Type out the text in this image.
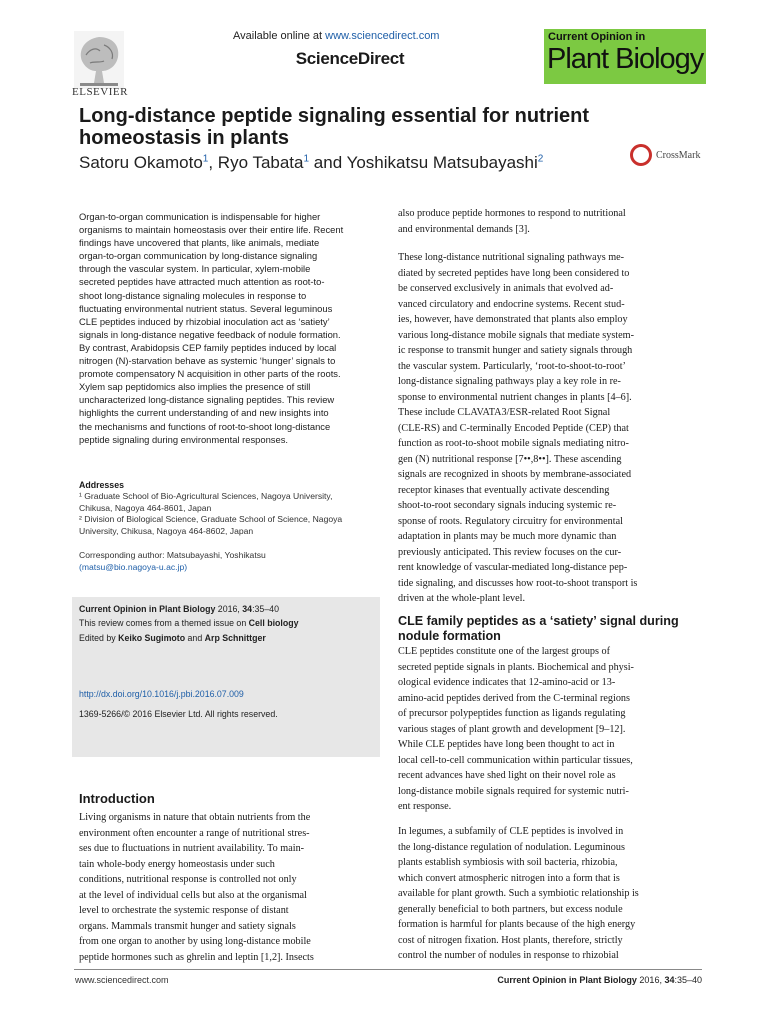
ELSEVIER
Available online at www.sciencedirect.com
ScienceDirect
Current Opinion in
Plant Biology
Long-distance peptide signaling essential for nutrient
homeostasis in plants
Satoru Okamoto$^1$, Ryo Tabata$^1$ and Yoshikatsu Matsubayashi$^2$	CrossMark

Organ-to-organ communication is indispensable for higher

organisms to maintain homeostasis over their entire life. Recent

findings have uncovered that plants, like animals, mediate

organ-to-organ communication by long-distance signaling

through the vascular system. In particular, xylem-mobile

secreted peptides have attracted much attention as root-to-

shoot long-distance signaling molecules in response to

fluctuating environmental nutrient status. Several leguminous

CLE peptides induced by rhizobial inoculation act as ‘satiety’

signals in long-distance negative feedback of nodule formation.

By contrast, Arabidopsis CEP family peptides induced by local

nitrogen (N)-starvation behave as systemic ‘hunger’ signals to

promote compensatory N acquisition in other parts of the roots.

Xylem sap peptidomics also implies the presence of still

uncharacterized long-distance signaling peptides. This review

highlights the current understanding of and new insights into

the mechanisms and functions of root-to-shoot long-distance

peptide signaling during environmental responses.

Addresses

¹ Graduate School of Bio-Agricultural Sciences, Nagoya University,

Chikusa, Nagoya 464-8601, Japan

² Division of Biological Science, Graduate School of Science, Nagoya

University, Chikusa, Nagoya 464-8602, Japan

Corresponding author: Matsubayashi, Yoshikatsu

(matsu@bio.nagoya-u.ac.jp)

Current Opinion in Plant Biology 2016, 34:35–40
This review comes from a themed issue on Cell biology
Edited by Keiko Sugimoto and Arp Schnittger
http://dx.doi.org/10.1016/j.pbi.2016.07.009
1369-5266/© 2016 Elsevier Ltd. All rights reserved.
Introduction

Living organisms in nature that obtain nutrients from the

environment often encounter a range of nutritional stres-

ses due to fluctuations in nutrient availability. To main-

tain whole-body energy homeostasis under such

conditions, nutritional response is controlled not only

at the level of individual cells but also at the organismal

level to orchestrate the systemic response of distant

organs. Mammals transmit hunger and satiety signals

from one organ to another by using long-distance mobile

peptide hormones such as ghrelin and leptin [1,2]. Insects

also produce peptide hormones to respond to nutritional

and environmental demands [3].

These long-distance nutritional signaling pathways me-

diated by secreted peptides have long been considered to

be conserved exclusively in animals that evolved ad-

vanced circulatory and endocrine systems. Recent stud-

ies, however, have demonstrated that plants also employ

various long-distance mobile signals that mediate system-

ic response to transmit hunger and satiety signals through

the vascular system. Particularly, ‘root-to-shoot-to-root’

long-distance signaling pathways play a key role in re-

sponse to environmental nutrient changes in plants [4–6].

These include CLAVATA3/ESR-related Root Signal

(CLE-RS) and C-terminally Encoded Peptide (CEP) that

function as root-to-shoot mobile signals mediating nitro-

gen (N) nutritional response [7••,8••]. These ascending

signals are recognized in shoots by membrane-associated

receptor kinases that eventually activate descending

shoot-to-root secondary signals inducing systemic re-

sponse of roots. Regulatory circuitry for environmental

adaptation in plants may be much more dynamic than

previously anticipated. This review focuses on the cur-

rent knowledge of vascular-mediated long-distance pep-

tide signaling, and discusses how root-to-shoot transport is

driven at the whole-plant level.

CLE family peptides as a ‘satiety’ signal during
nodule formation

CLE peptides constitute one of the largest groups of

secreted peptide signals in plants. Biochemical and physi-

ological evidence indicates that 12-amino-acid or 13-

amino-acid peptides derived from the C-terminal regions

of precursor polypeptides function as ligands regulating

various stages of plant growth and development [9–12].

While CLE peptides have long been thought to act in

local cell-to-cell communication within particular tissues,

recent advances have shed light on their novel role as

long-distance mobile signals required for systemic nutri-

ent response.

In legumes, a subfamily of CLE peptides is involved in

the long-distance regulation of nodulation. Leguminous

plants establish symbiosis with soil bacteria, rhizobia,

which convert atmospheric nitrogen into a form that is

available for plant growth. Such a symbiotic relationship is

generally beneficial to both partners, but excess nodule

formation is harmful for plants because of the high energy

cost of nitrogen fixation. Host plants, therefore, strictly

control the number of nodules in response to rhizobial

www.sciencedirect.com	Current Opinion in Plant Biology 2016, 34:35–40
